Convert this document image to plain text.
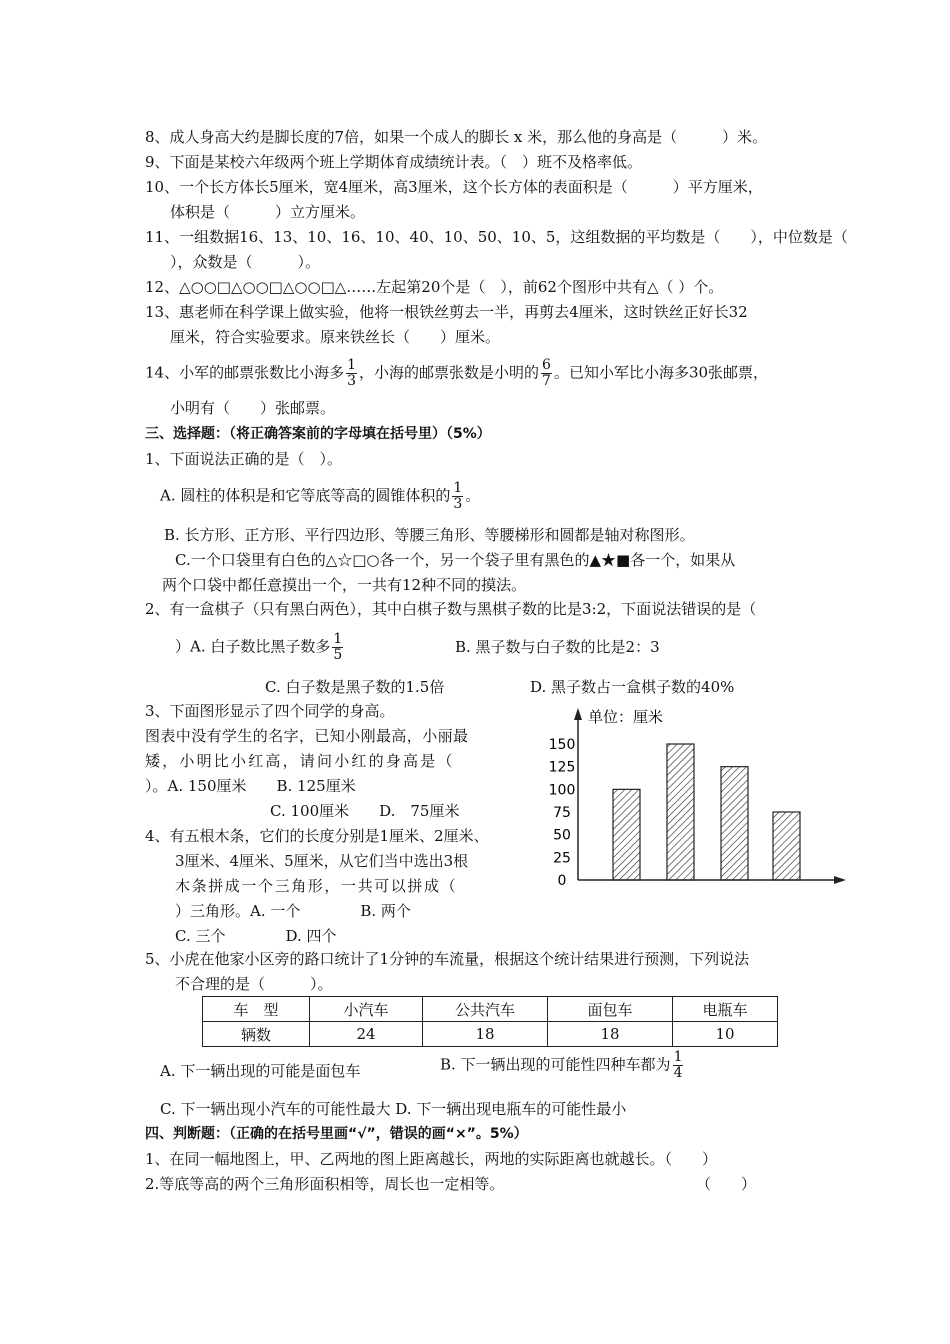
8、成人身高大约是脚长度的7倍，如果一个成人的脚长 x 米，那么他的身高是（　　　）米。
9、下面是某校六年级两个班上学期体育成绩统计表。（　）班不及格率低。
10、一个长方体长5厘米，宽4厘米，高3厘米，这个长方体的表面积是（　　　）平方厘米，
体积是（　　　）立方厘米。
11、一组数据16、13、10、16、10、40、10、50、10、5，这组数据的平均数是（　　），中位数是（
），众数是（　　　）。
12、△○○□△○○□△○○□△……左起第20个是（　），前62个图形中共有△（ ）个。
13、惠老师在科学课上做实验，他将一根铁丝剪去一半，再剪去4厘米，这时铁丝正好长32
厘米，符合实验要求。原来铁丝长（　　）厘米。
14、小军的邮票张数比小海多 $\frac{1}{3}$ ，小海的邮票张数是小明的 $\frac{6}{7}$ 。已知小军比小海多30张邮票，
小明有（　　）张邮票。
三、选择题：（将正确答案前的字母填在括号里）（5%）
1、下面说法正确的是（　）。
A. 圆柱的体积是和它等底等高的圆锥体积的 $\frac{1}{3}$ 。
B. 长方形、正方形、平行四边形、等腰三角形、等腰梯形和圆都是轴对称图形。
C.一个口袋里有白色的△☆□○各一个，另一个袋子里有黑色的▲★■各一个，如果从
两个口袋中都任意摸出一个，一共有12种不同的摸法。
2、有一盒棋子（只有黑白两色），其中白棋子数与黑棋子数的比是3:2，下面说法错误的是（
）A. 白子数比黑子数多 $\frac{1}{5}$	B. 黑子数与白子数的比是2：3
C. 白子数是黑子数的1.5倍	D. 黑子数占一盒棋子数的40%
3、下面图形显示了四个同学的身高。
图表中没有学生的名字，已知小刚最高，小丽最
矮，小明比小红高，请问小红的身高是（
）。A. 150厘米　　B. 125厘米
C. 100厘米　　D.　75厘米
4、有五根木条，它们的长度分别是1厘米、2厘米、
3厘米、4厘米、5厘米，从它们当中选出3根
木条拼成一个三角形，一共可以拼成（
）三角形。A. 一个　　　　B. 两个
C. 三个　　　　D. 四个
单位：厘米
150
125
100
75
50
25
0
5、小虎在他家小区旁的路口统计了1分钟的车流量，根据这个统计结果进行预测，下列说法
不合理的是（　　　）。
车　型	小汽车	公共汽车	面包车	电瓶车
辆数	24	18	18	10
A. 下一辆出现的可能是面包车	B. 下一辆出现的可能性四种车都为 $\frac{1}{4}$
C. 下一辆出现小汽车的可能性最大 D. 下一辆出现电瓶车的可能性最小
四、判断题：（正确的在括号里画“√”，错误的画“×”。5%）
1、在同一幅地图上，甲、乙两地的图上距离越长，两地的实际距离也就越长。（　　）
2.等底等高的两个三角形面积相等，周长也一定相等。	（　　）
